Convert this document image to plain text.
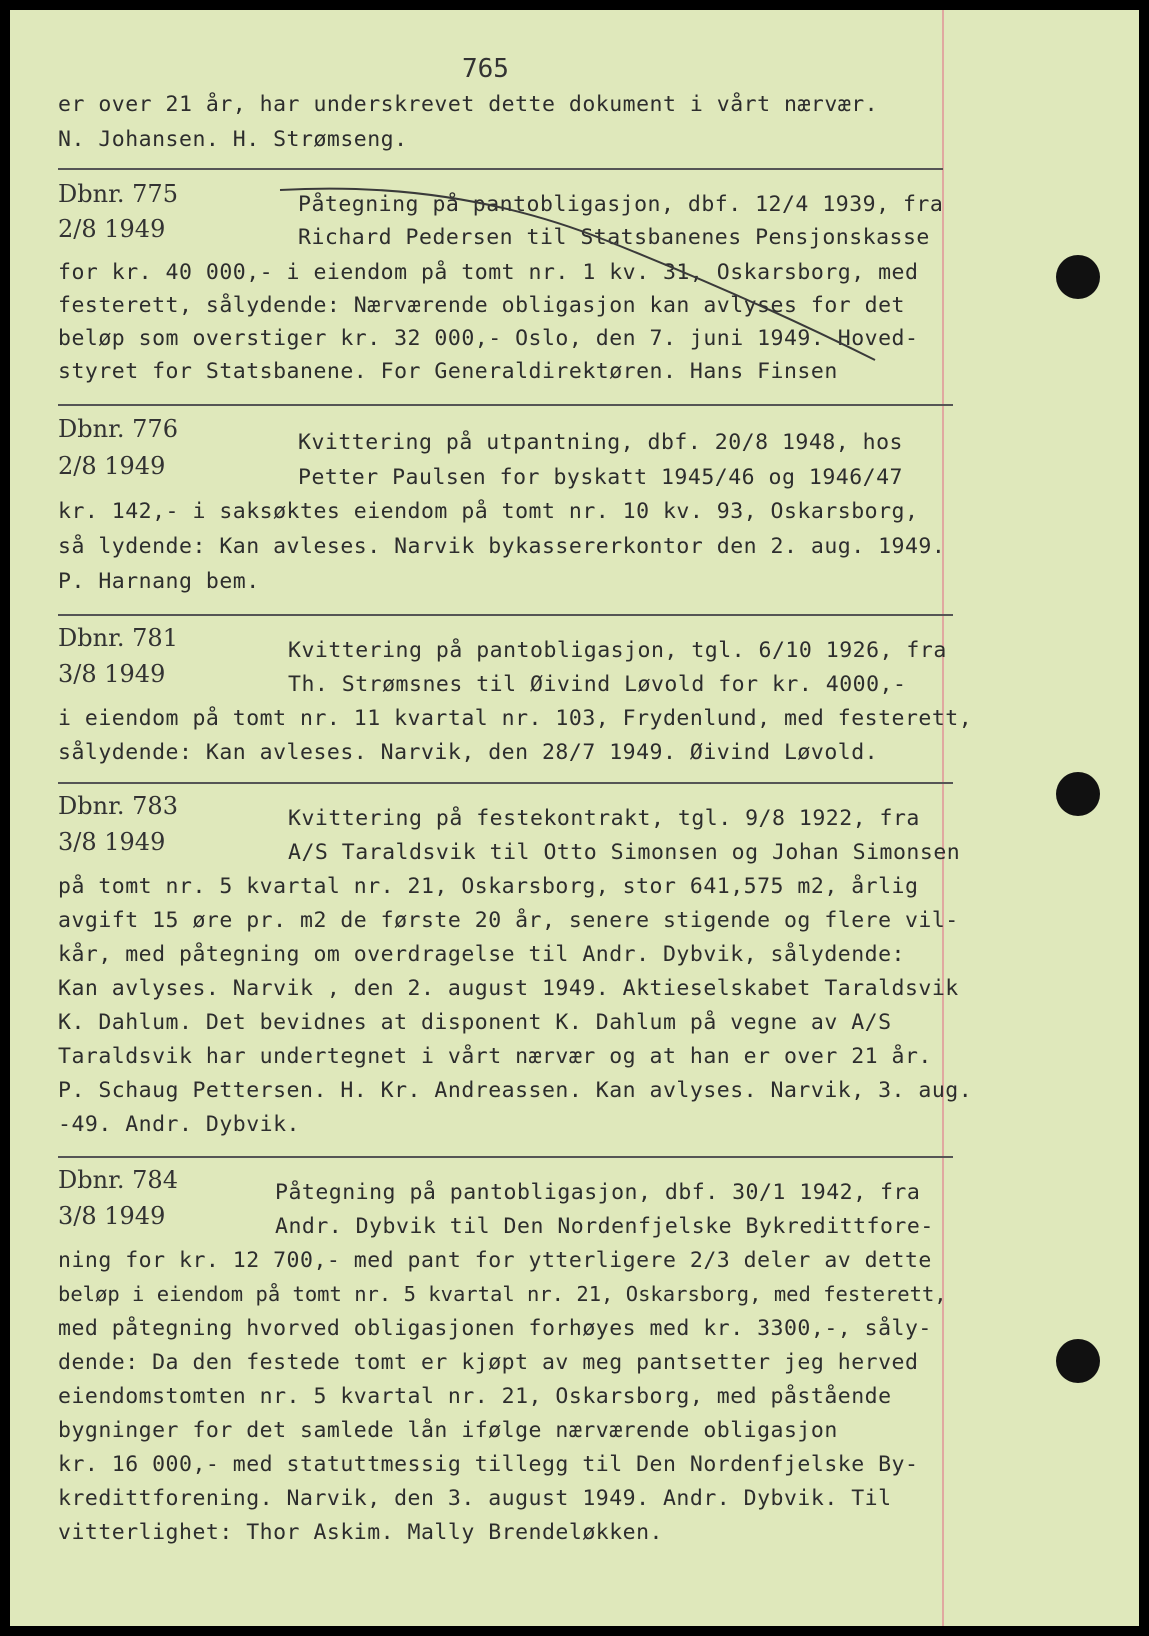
765
er over 21 år, har underskrevet dette dokument i vårt nærvær.
N. Johansen. H. Strømseng.
Dbnr. 775
2/8 1949
Påtegning på pantobligasjon, dbf. 12/4 1939, fra
Richard Pedersen til Statsbanenes Pensjonskasse
for kr. 40 000,- i eiendom på tomt nr. 1 kv. 31, Oskarsborg, med
festerett, sålydende: Nærværende obligasjon kan avlyses for det
beløp som overstiger kr. 32 000,- Oslo, den 7. juni 1949. Hoved-
styret for Statsbanene. For Generaldirektøren. Hans Finsen
Dbnr. 776
2/8 1949
Kvittering på utpantning, dbf. 20/8 1948, hos
Petter Paulsen for byskatt 1945/46 og 1946/47
kr. 142,- i saksøktes eiendom på tomt nr. 10 kv. 93, Oskarsborg,
så lydende: Kan avleses. Narvik bykassererkontor den 2. aug. 1949.
P. Harnang bem.
Dbnr. 781
3/8 1949
Kvittering på pantobligasjon, tgl. 6/10 1926, fra
Th. Strømsnes til Øivind Løvold for kr. 4000,-
i eiendom på tomt nr. 11 kvartal nr. 103, Frydenlund, med festerett,
sålydende: Kan avleses. Narvik, den 28/7 1949. Øivind Løvold.
Dbnr. 783
3/8 1949
Kvittering på festekontrakt, tgl. 9/8 1922, fra
A/S Taraldsvik til Otto Simonsen og Johan Simonsen
på tomt nr. 5 kvartal nr. 21, Oskarsborg, stor 641,575 m2, årlig
avgift 15 øre pr. m2 de første 20 år, senere stigende og flere vil-
kår, med påtegning om overdragelse til Andr. Dybvik, sålydende:
Kan avlyses. Narvik , den 2. august 1949. Aktieselskabet Taraldsvik
K. Dahlum. Det bevidnes at disponent K. Dahlum på vegne av A/S
Taraldsvik har undertegnet i vårt nærvær og at han er over 21 år.
P. Schaug Pettersen. H. Kr. Andreassen. Kan avlyses. Narvik, 3. aug.
-49. Andr. Dybvik.
Dbnr. 784
3/8 1949
Påtegning på pantobligasjon, dbf. 30/1 1942, fra
Andr. Dybvik til Den Nordenfjelske Bykredittfore-
ning for kr. 12 700,- med pant for ytterligere 2/3 deler av dette
beløp i eiendom på tomt nr. 5 kvartal nr. 21, Oskarsborg, med festerett,
med påtegning hvorved obligasjonen forhøyes med kr. 3300,-, såly-
dende: Da den festede tomt er kjøpt av meg pantsetter jeg herved
eiendomstomten nr. 5 kvartal nr. 21, Oskarsborg, med påstående
bygninger for det samlede lån ifølge nærværende obligasjon
kr. 16 000,- med statuttmessig tillegg til Den Nordenfjelske By-
kredittforening. Narvik, den 3. august 1949. Andr. Dybvik. Til
vitterlighet: Thor Askim. Mally Brendeløkken.
